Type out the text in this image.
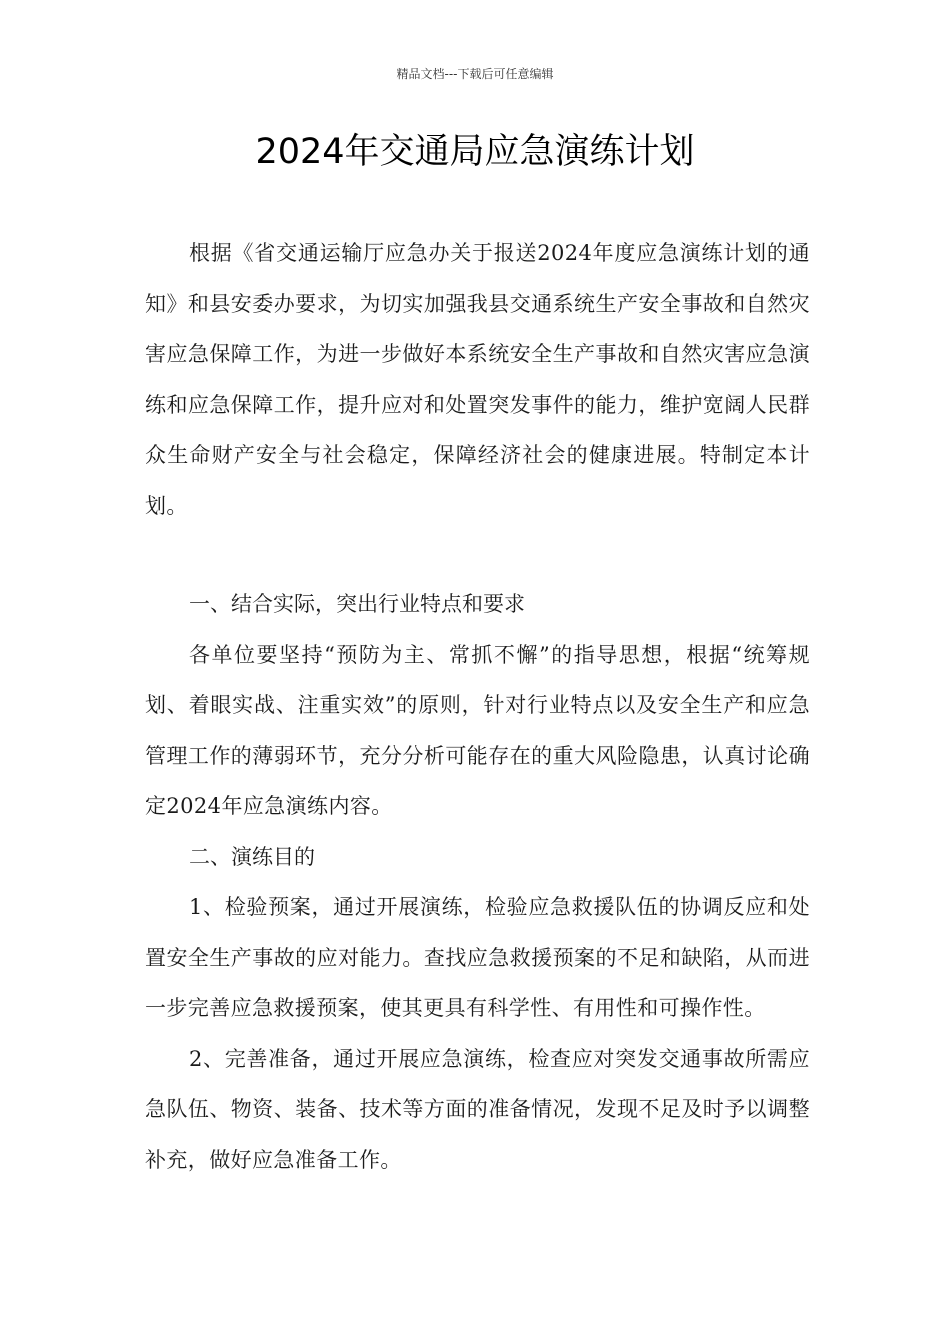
精品文档---下载后可任意编辑
2024年交通局应急演练计划

根据《省交通运输厅应急办关于报送2024年度应急演练计划的通知》和县安委办要求，为切实加强我县交通系统生产安全事故和自然灾害应急保障工作，为进一步做好本系统安全生产事故和自然灾害应急演练和应急保障工作，提升应对和处置突发事件的能力，维护宽阔人民群众生命财产安全与社会稳定，保障经济社会的健康进展。特制定本计划。

一、结合实际，突出行业特点和要求

各单位要坚持“预防为主、常抓不懈”的指导思想，根据“统筹规划、着眼实战、注重实效”的原则，针对行业特点以及安全生产和应急管理工作的薄弱环节，充分分析可能存在的重大风险隐患，认真讨论确定2024年应急演练内容。

二、演练目的

1、检验预案，通过开展演练，检验应急救援队伍的协调反应和处置安全生产事故的应对能力。查找应急救援预案的不足和缺陷，从而进一步完善应急救援预案，使其更具有科学性、有用性和可操作性。

2、完善准备，通过开展应急演练，检查应对突发交通事故所需应急队伍、物资、装备、技术等方面的准备情况，发现不足及时予以调整补充，做好应急准备工作。
